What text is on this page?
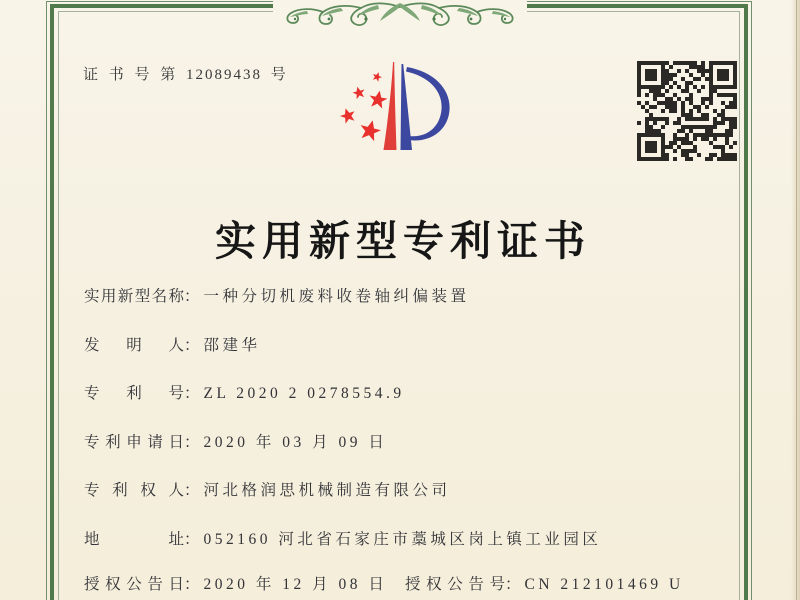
证 书 号 第 12089438 号
实用新型专利证书
实用新型名称： 一种分切机废料收卷轴纠偏装置
发明人： 邵建华
专利号： ZL 2020 2 0278554.9
专利申请日： 2020 年 03 月 09 日
专利权人： 河北格润思机械制造有限公司
地址： 052160 河北省石家庄市藁城区岗上镇工业园区
授权公告日： 2020 年 12 月 08 日 授权公告号： CN 212101469 U
